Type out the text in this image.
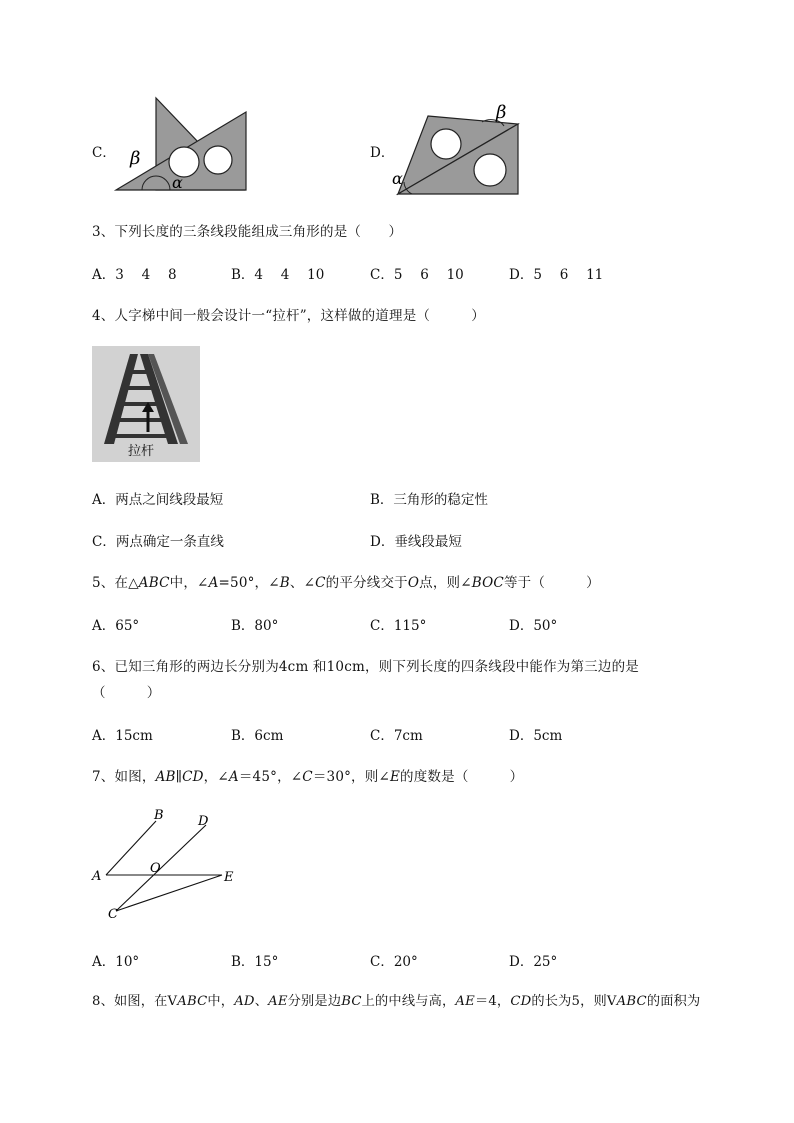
C． β
α
D．
β
α
3、下列长度的三条线段能组成三角形的是（　　）
A．3　 4　 8	B．4　 4　 10	C．5　 6　 10	D．5　 6　 11
4、人字梯中间一般会设计一“拉杆”，这样做的道理是（　　　）
拉杆
A．两点之间线段最短	B．三角形的稳定性
C．两点确定一条直线	D．垂线段最短
5、在△ABC中，∠A=50°，∠B、∠C的平分线交于O点，则∠BOC等于（　　　）
A．65°	B．80°	C．115°	D．50°
6、已知三角形的两边长分别为4cm 和10cm，则下列长度的四条线段中能作为第三边的是
（　　　）
A．15cm	B．6cm	C．7cm	D．5cm
7、如图，AB∥CD，∠A＝45°，∠C＝30°，则∠E的度数是（　　　）
A
B
C
D
E
O
A．10°	B．15°	C．20°	D．25°
8、如图，在VABC中，AD、AE分别是边BC上的中线与高，AE＝4，CD的长为5，则VABC的面积为
